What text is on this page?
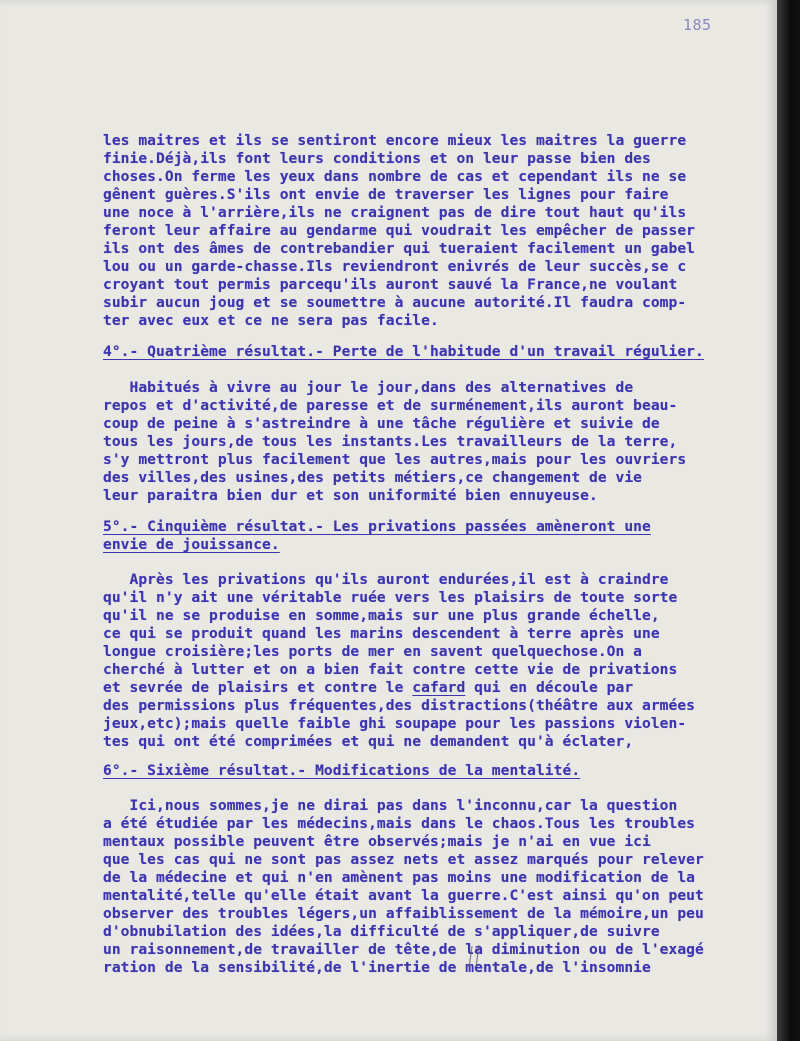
185
les maitres et ils se sentiront encore mieux les maitres la guerre
finie.Déjà,ils font leurs conditions et on leur passe bien des
choses.On ferme les yeux dans nombre de cas et cependant ils ne se
gênent guères.S'ils ont envie de traverser les lignes pour faire
une noce à l'arrière,ils ne craignent pas de dire tout haut qu'ils
feront leur affaire au gendarme qui voudrait les empêcher de passer
ils ont des âmes de contrebandier qui tueraient facilement un gabel
lou ou un garde-chasse.Ils reviendront enivrés de leur succès,se c
croyant tout permis parcequ'ils auront sauvé la France,ne voulant
subir aucun joug et se soumettre à aucune autorité.Il faudra comp-
ter avec eux et ce ne sera pas facile.
4°.- Quatrième résultat.- Perte de l'habitude d'un travail régulier.
Habitués à vivre au jour le jour,dans des alternatives de
repos et d'activité,de paresse et de surménement,ils auront beau-
coup de peine à s'astreindre à une tâche régulière et suivie de
tous les jours,de tous les instants.Les travailleurs de la terre,
s'y mettront plus facilement que les autres,mais pour les ouvriers
des villes,des usines,des petits métiers,ce changement de vie
leur paraitra bien dur et son uniformité bien ennuyeuse.
5°.- Cinquième résultat.- Les privations passées amèneront une
envie de jouissance.
Après les privations qu'ils auront endurées,il est à craindre
qu'il n'y ait une véritable ruée vers les plaisirs de toute sorte
qu'il ne se produise en somme,mais sur une plus grande échelle,
ce qui se produit quand les marins descendent à terre après une
longue croisière;les ports de mer en savent quelquechose.On a
cherché à lutter et on a bien fait contre cette vie de privations
et sevrée de plaisirs et contre le cafard qui en découle par
des permissions plus fréquentes,des distractions(théâtre aux armées
jeux,etc);mais quelle faible ghi soupape pour les passions violen-
tes qui ont été comprimées et qui ne demandent qu'à éclater,
6°.- Sixième résultat.- Modifications de la mentalité.
Ici,nous sommes,je ne dirai pas dans l'inconnu,car la question
a été étudiée par les médecins,mais dans le chaos.Tous les troubles
mentaux possible peuvent être observés;mais je n'ai en vue ici
que les cas qui ne sont pas assez nets et assez marqués pour relever
de la médecine et qui n'en amènent pas moins une modification de la
mentalité,telle qu'elle était avant la guerre.C'est ainsi qu'on peut
observer des troubles légers,un affaiblissement de la mémoire,un peu
d'obnubilation des idées,la difficulté de s'appliquer,de suivre
un raisonnement,de travailler de tête,de la diminution ou de l'exagé
ration de la sensibilité,de l'inertie de mentale,de l'insomnie
